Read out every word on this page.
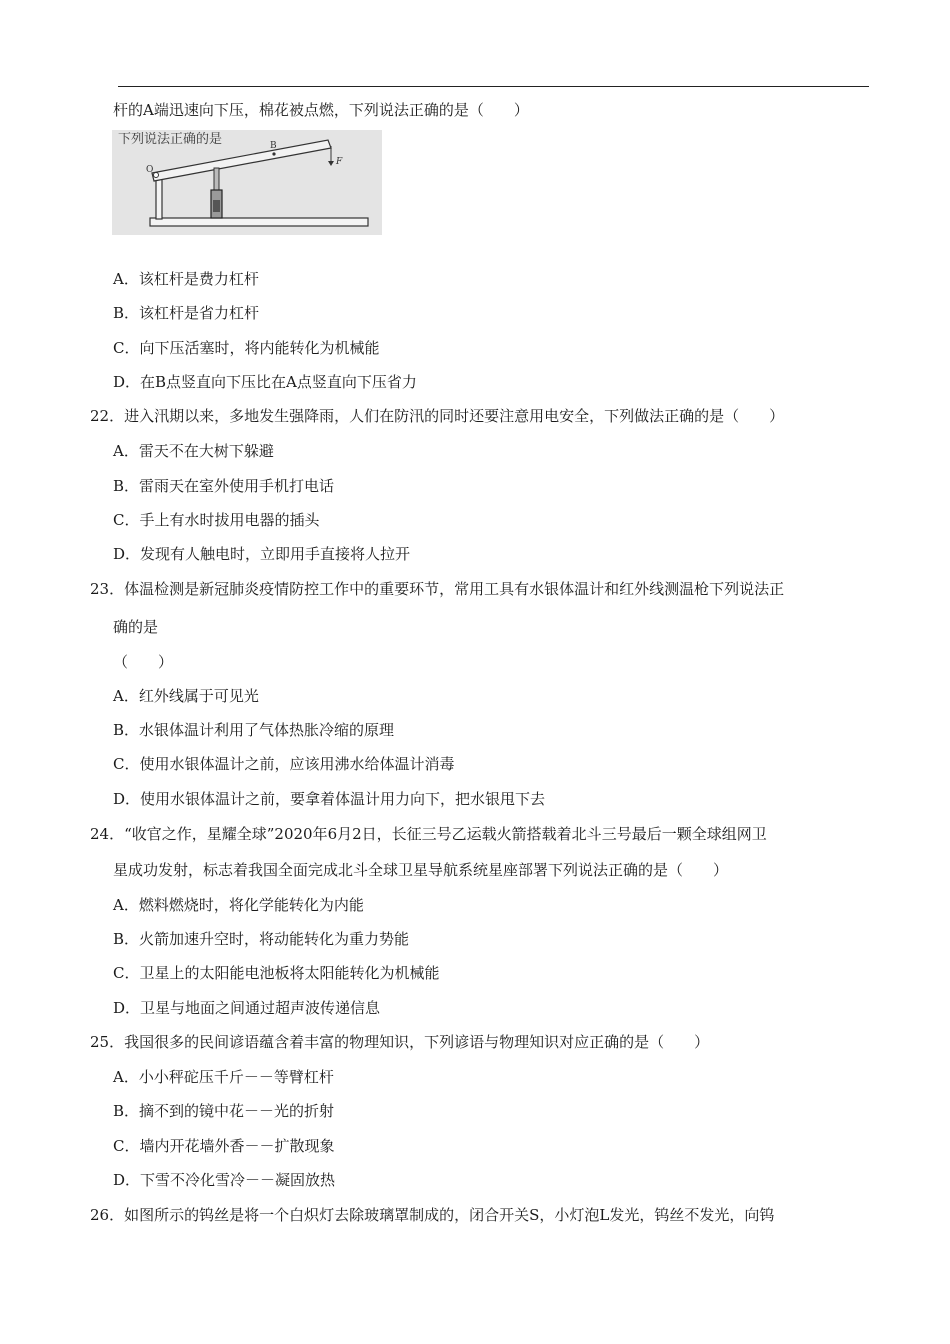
杆的A端迅速向下压，棉花被点燃，下列说法正确的是（　　）
下列说法正确的是
O
B
F
A．该杠杆是费力杠杆
B．该杠杆是省力杠杆
C．向下压活塞时，将内能转化为机械能
D．在B点竖直向下压比在A点竖直向下压省力
22．进入汛期以来，多地发生强降雨，人们在防汛的同时还要注意用电安全，下列做法正确的是（　　）
A．雷天不在大树下躲避
B．雷雨天在室外使用手机打电话
C．手上有水时拔用电器的插头
D．发现有人触电时，立即用手直接将人拉开
23．体温检测是新冠肺炎疫情防控工作中的重要环节，常用工具有水银体温计和红外线测温枪下列说法正
确的是
（　　）
A．红外线属于可见光
B．水银体温计利用了气体热胀冷缩的原理
C．使用水银体温计之前，应该用沸水给体温计消毒
D．使用水银体温计之前，要拿着体温计用力向下，把水银甩下去
24．“收官之作，星耀全球”2020年6月2日，长征三号乙运载火箭搭载着北斗三号最后一颗全球组网卫
星成功发射，标志着我国全面完成北斗全球卫星导航系统星座部署下列说法正确的是（　　）
A．燃料燃烧时，将化学能转化为内能
B．火箭加速升空时，将动能转化为重力势能
C．卫星上的太阳能电池板将太阳能转化为机械能
D．卫星与地面之间通过超声波传递信息
25．我国很多的民间谚语蕴含着丰富的物理知识，下列谚语与物理知识对应正确的是（　　）
A．小小秤砣压千斤－－等臂杠杆
B．摘不到的镜中花－－光的折射
C．墙内开花墙外香－－扩散现象
D．下雪不冷化雪冷－－凝固放热
26．如图所示的钨丝是将一个白炽灯去除玻璃罩制成的，闭合开关S，小灯泡L发光，钨丝不发光，向钨
